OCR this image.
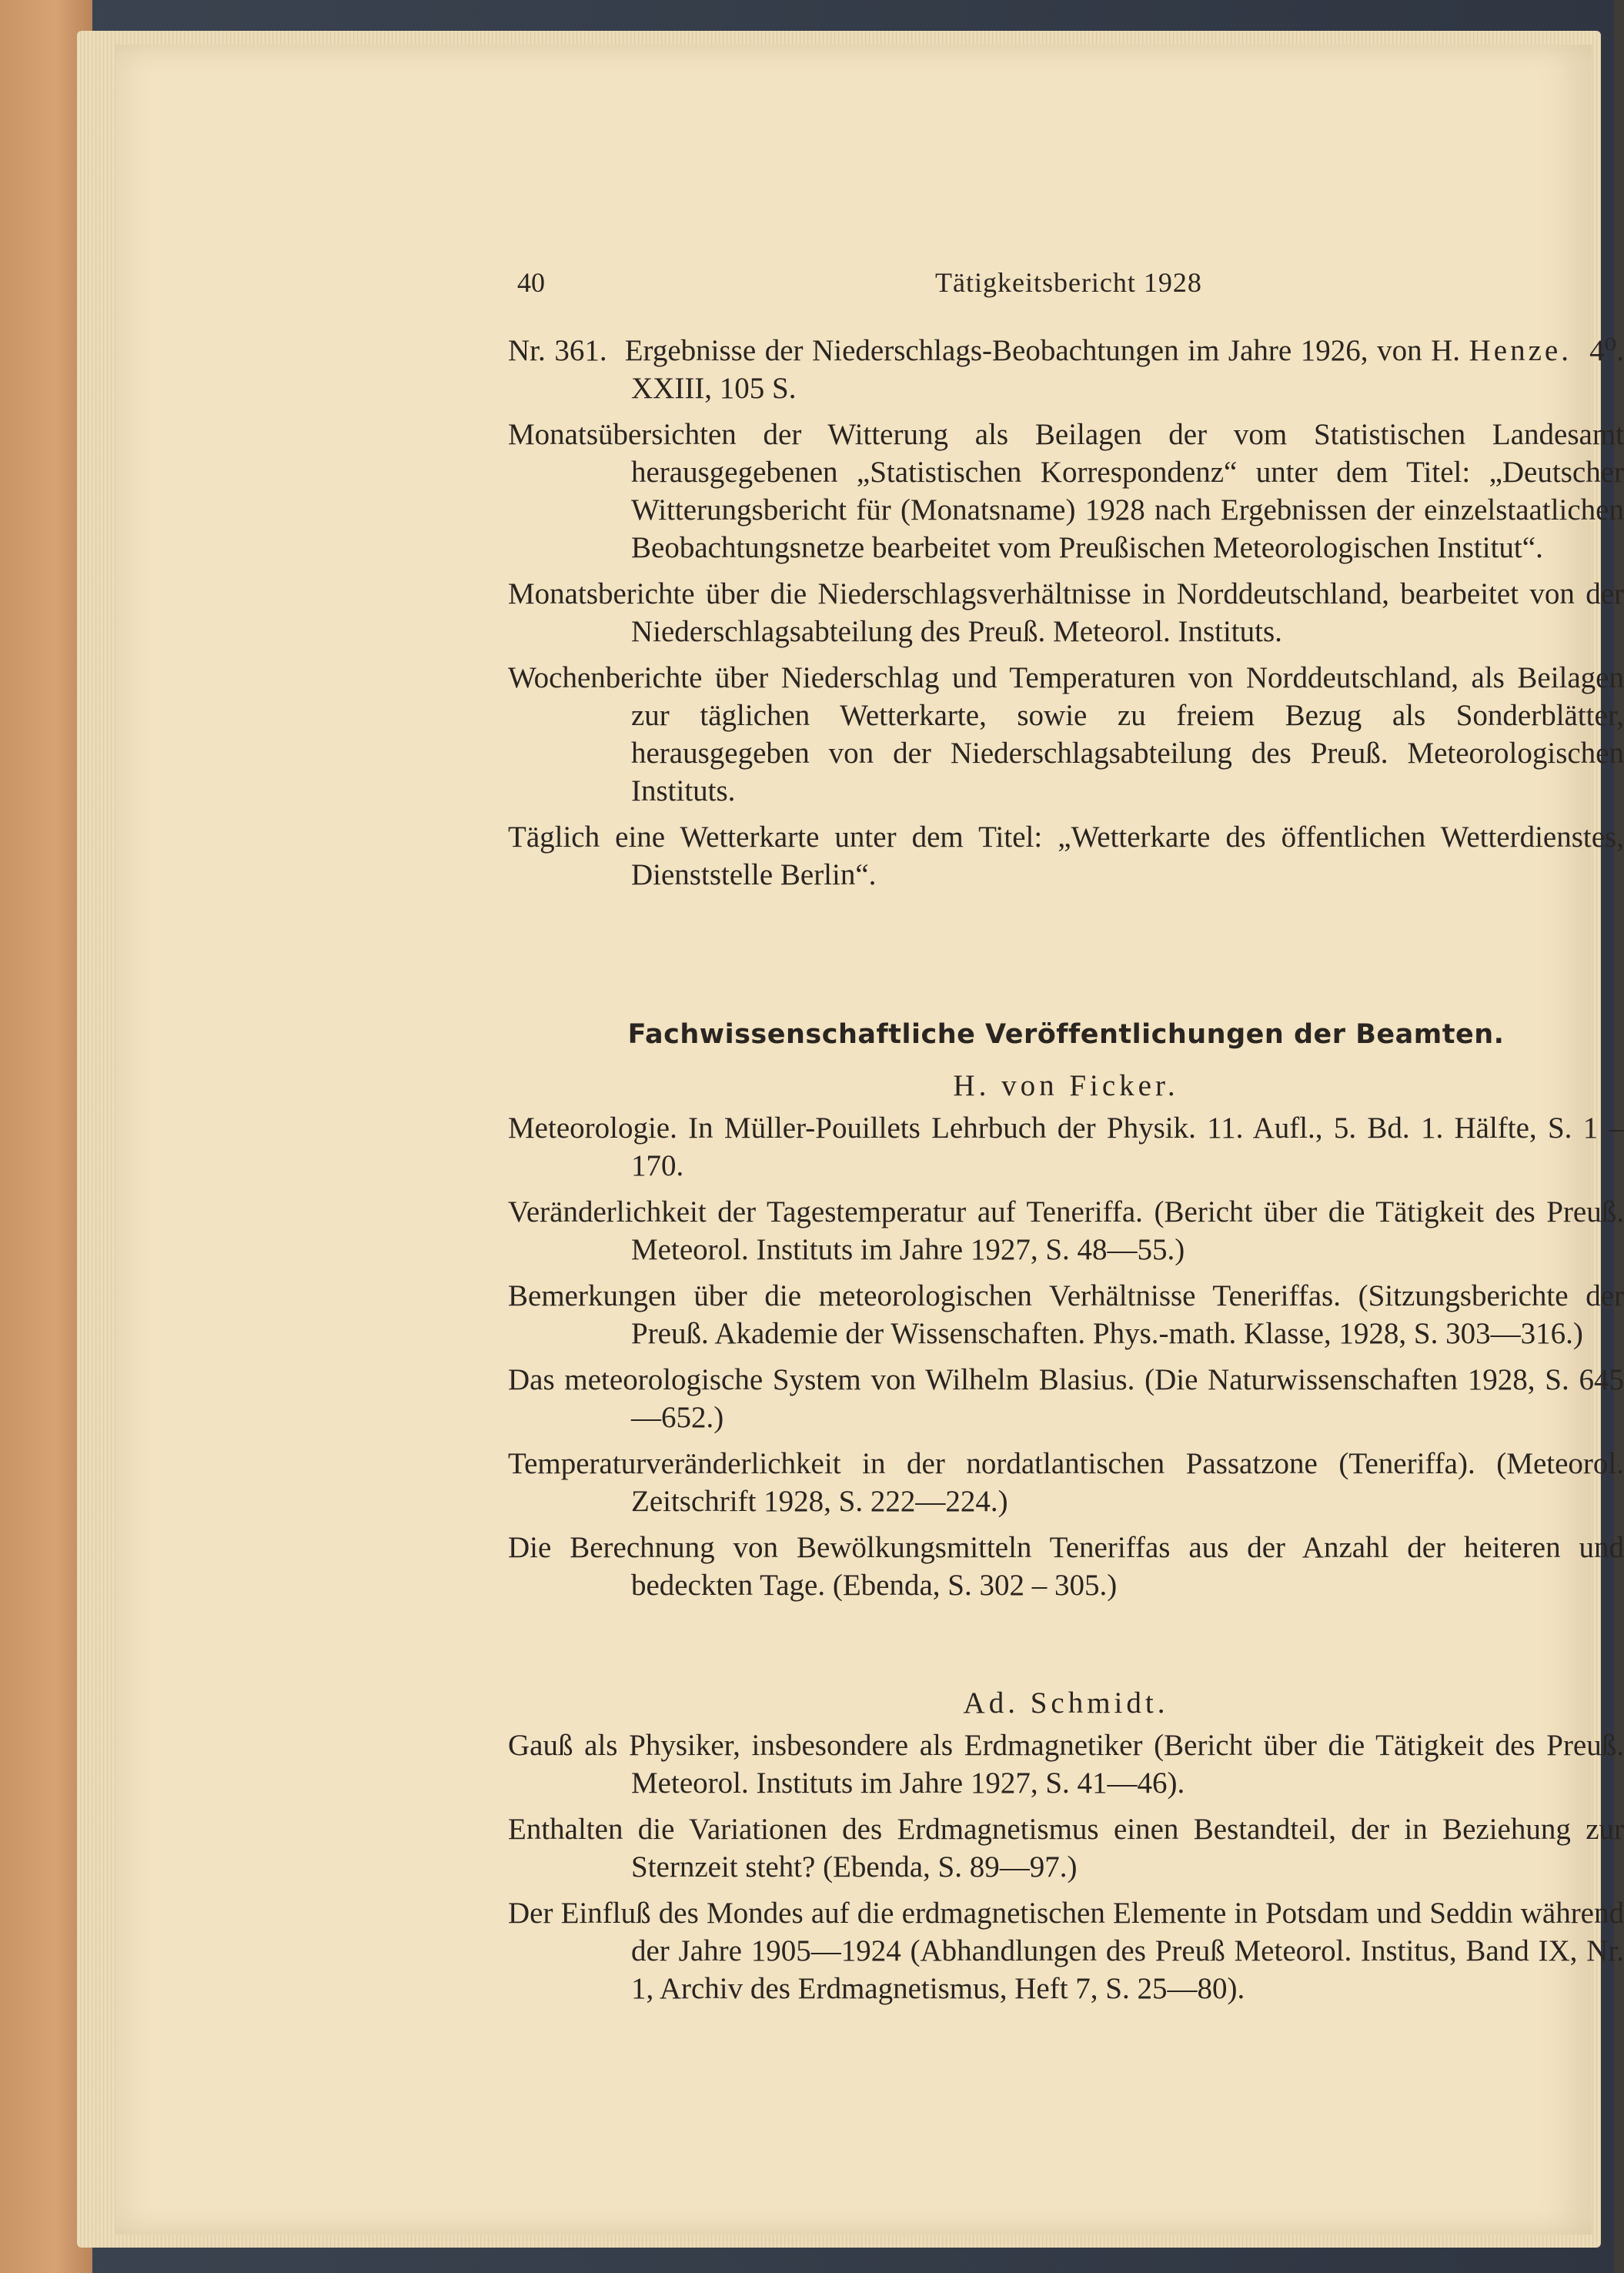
40	Tätigkeitsbericht 1928

Nr. 361. Ergebnisse der Niederschlags-Beobachtungen im Jahre 1926, von H. Henze. 4⁰. XXIII, 105 S.

Monatsübersichten der Witterung als Beilagen der vom Statistischen Landesamt herausgegebenen „Statistischen Korrespondenz“ unter dem Titel: „Deutscher Witterungsbericht für (Monatsname) 1928 nach Ergebnissen der einzelstaatlichen Beobachtungsnetze bearbeitet vom Preußischen Meteorologischen Institut“.

Monatsberichte über die Niederschlagsverhältnisse in Norddeutschland, bearbeitet von der Niederschlagsabteilung des Preuß. Meteorol. Instituts.

Wochenberichte über Niederschlag und Temperaturen von Norddeutschland, als Beilagen zur täglichen Wetterkarte, sowie zu freiem Bezug als Sonderblätter, herausgegeben von der Niederschlagsabteilung des Preuß. Meteorologischen Instituts.

Täglich eine Wetterkarte unter dem Titel: „Wetterkarte des öffentlichen Wetterdienstes, Dienststelle Berlin“.

Fachwissenschaftliche Veröffentlichungen der Beamten.

H. von Ficker.

Meteorologie. In Müller-Pouillets Lehrbuch der Physik. 11. Aufl., 5. Bd. 1. Hälfte, S. 1 – 170.

Veränderlichkeit der Tagestemperatur auf Teneriffa. (Bericht über die Tätigkeit des Preuß. Meteorol. Instituts im Jahre 1927, S. 48—55.)

Bemerkungen über die meteorologischen Verhältnisse Teneriffas. (Sitzungsberichte der Preuß. Akademie der Wissenschaften. Phys.-math. Klasse, 1928, S. 303—316.)

Das meteorologische System von Wilhelm Blasius. (Die Naturwissenschaften 1928, S. 645—652.)

Temperaturveränderlichkeit in der nordatlantischen Passatzone (Teneriffa). (Meteorol. Zeitschrift 1928, S. 222—224.)

Die Berechnung von Bewölkungsmitteln Teneriffas aus der Anzahl der heiteren und bedeckten Tage. (Ebenda, S. 302 – 305.)

Ad. Schmidt.

Gauß als Physiker, insbesondere als Erdmagnetiker (Bericht über die Tätigkeit des Preuß. Meteorol. Instituts im Jahre 1927, S. 41—46).

Enthalten die Variationen des Erdmagnetismus einen Bestandteil, der in Beziehung zur Sternzeit steht? (Ebenda, S. 89—97.)

Der Einfluß des Mondes auf die erdmagnetischen Elemente in Potsdam und Seddin während der Jahre 1905—1924 (Abhandlungen des Preuß Meteorol. Institus, Band IX, Nr. 1, Archiv des Erdmagnetismus, Heft 7, S. 25—80).
